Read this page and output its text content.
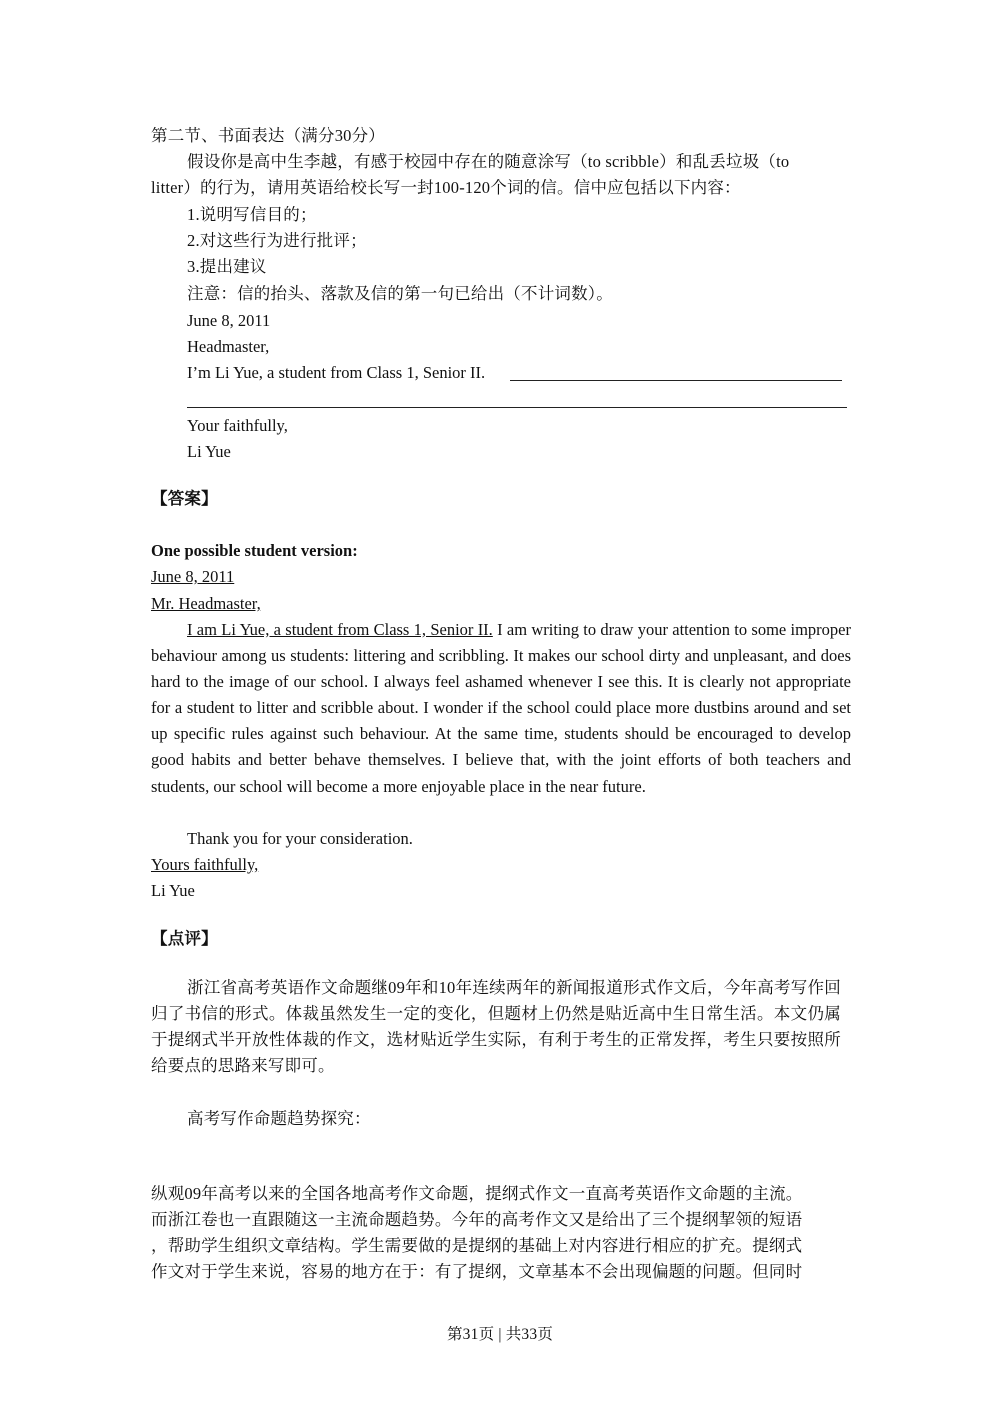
第二节、书面表达（满分30分）
假设你是高中生李越，有感于校园中存在的随意涂写（to scribble）和乱丢垃圾（to
litter）的行为，请用英语给校长写一封100-120个词的信。信中应包括以下内容：
1.说明写信目的；
2.对这些行为进行批评；
3.提出建议
注意：信的抬头、落款及信的第一句已给出（不计词数）。
June 8, 2011
Headmaster,
I’m Li Yue, a student from Class 1, Senior II.
Your faithfully,
Li Yue
【答案】
One possible student version:
June 8, 2011
Mr. Headmaster,
I am Li Yue, a student from Class 1, Senior II. I am writing to draw your attention to some improper behaviour among us students: littering and scribbling. It makes our school dirty and unpleasant, and does hard to the image of our school. I always feel ashamed whenever I see this. It is clearly not appropriate for a student to litter and scribble about. I wonder if the school could place more dustbins around and set up specific rules against such behaviour. At the same time, students should be encouraged to develop good habits and better behave themselves. I believe that, with the joint efforts of both teachers and students, our school will become a more enjoyable place in the near future.
Thank you for your consideration.
Yours faithfully,
Li Yue
【点评】
浙江省高考英语作文命题继09年和10年连续两年的新闻报道形式作文后，今年高考写作回归了书信的形式。体裁虽然发生一定的变化，但题材上仍然是贴近高中生日常生活。本文仍属于提纲式半开放性体裁的作文，选材贴近学生实际，有利于考生的正常发挥，考生只要按照所给要点的思路来写即可。
高考写作命题趋势探究：
纵观09年高考以来的全国各地高考作文命题，提纲式作文一直高考英语作文命题的主流。
而浙江卷也一直跟随这一主流命题趋势。今年的高考作文又是给出了三个提纲挈领的短语
，帮助学生组织文章结构。学生需要做的是提纲的基础上对内容进行相应的扩充。提纲式
作文对于学生来说，容易的地方在于：有了提纲，文章基本不会出现偏题的问题。但同时
第31页 | 共33页
